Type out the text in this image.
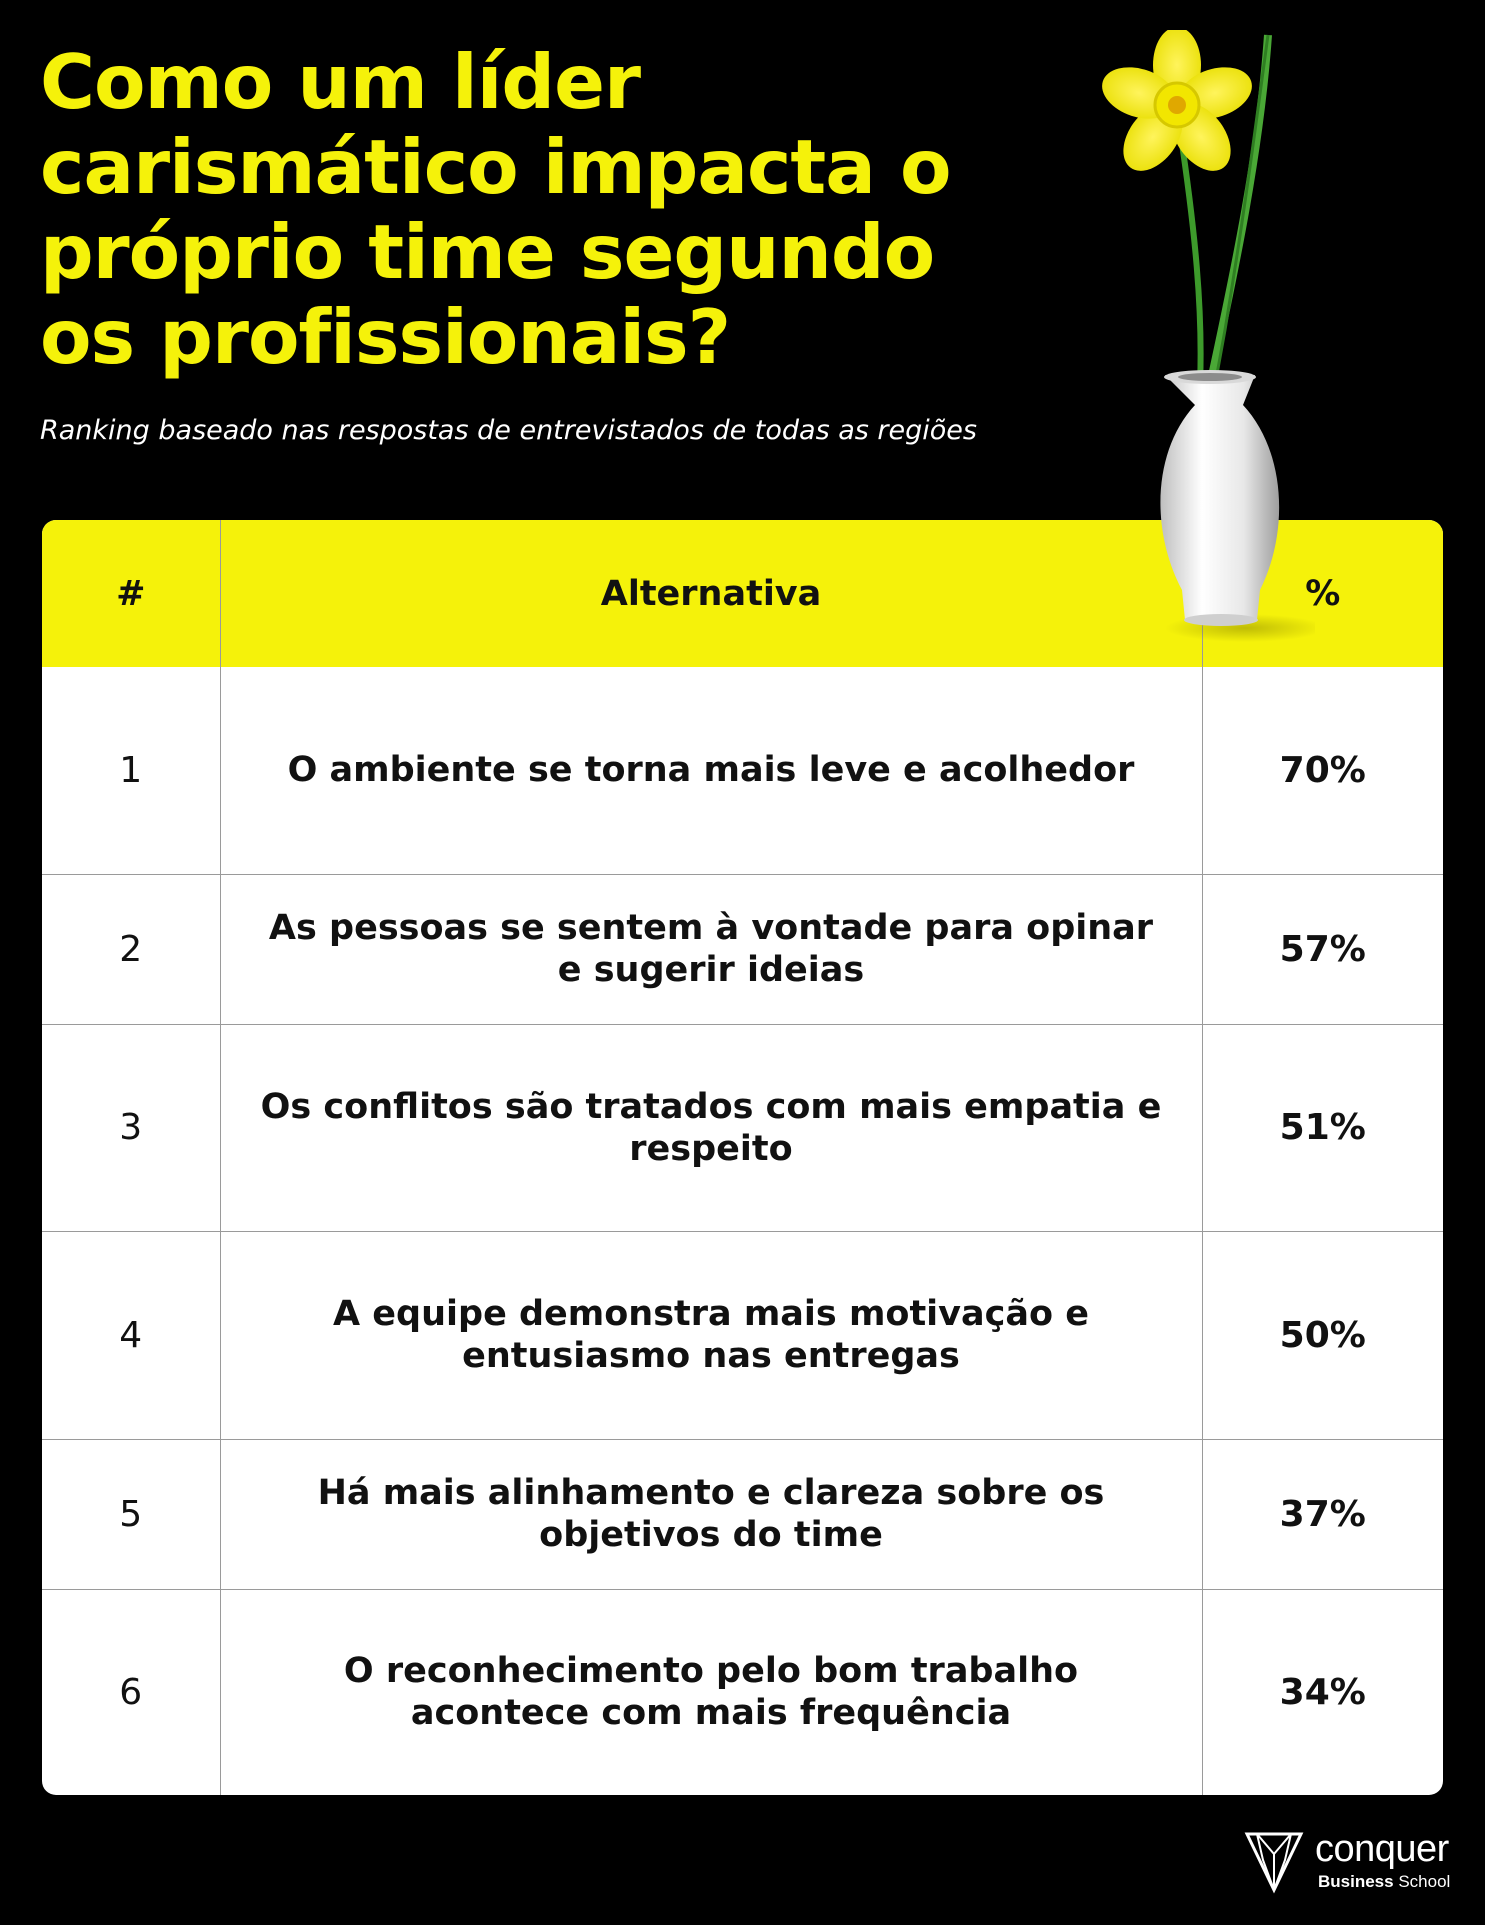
Como um líder carismático impacta o próprio time segundo os profissionais?
Ranking baseado nas respostas de entrevistados de todas as regiões
#	Alternativa	%
1	O ambiente se torna mais leve e acolhedor	70%
2	As pessoas se sentem à vontade para opinar e sugerir ideias	57%
3	Os conflitos são tratados com mais empatia e respeito	51%
4	A equipe demonstra mais motivação e entusiasmo nas entregas	50%
5	Há mais alinhamento e clareza sobre os objetivos do time	37%
6	O reconhecimento pelo bom trabalho acontece com mais frequência	34%
conquer
Business School
